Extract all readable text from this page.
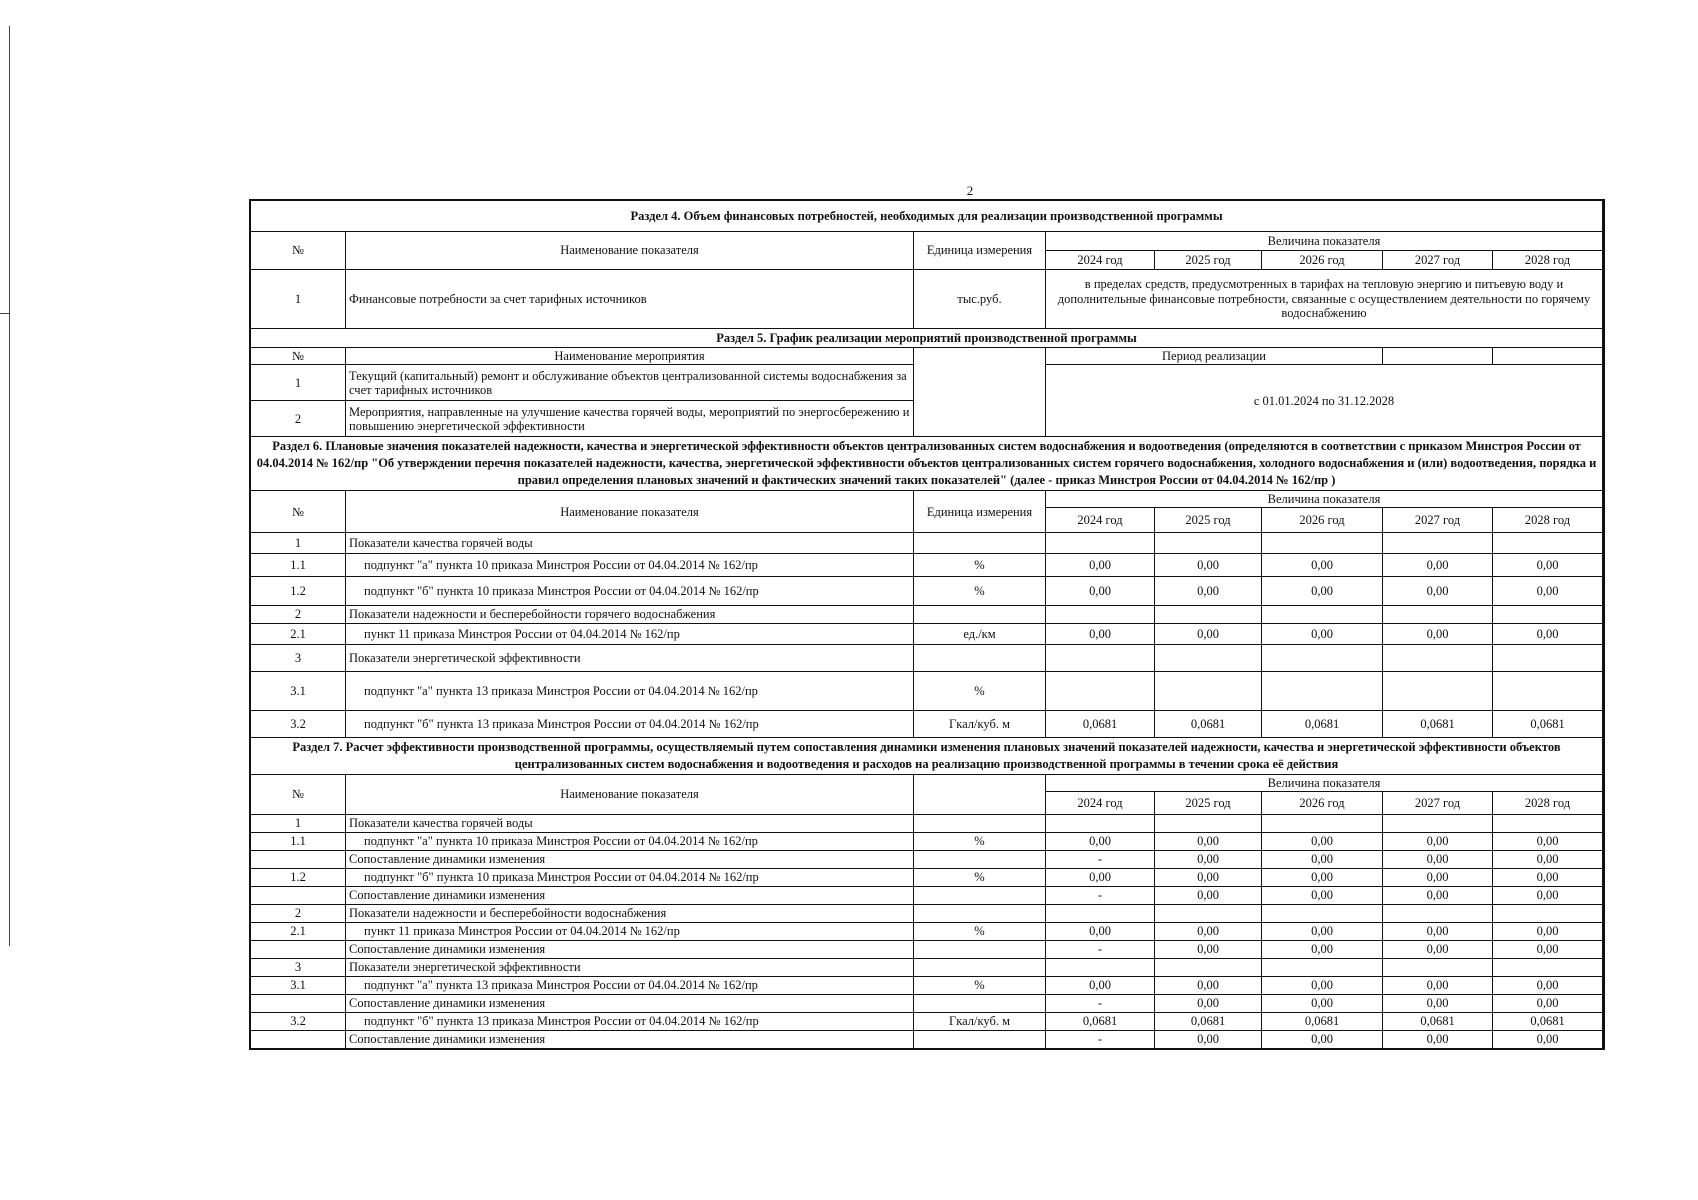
2
Раздел 4. Объем финансовых потребностей, необходимых для реализации производственной программы							
№	Наименование показателя	Единица измерения	Величина показателя				
			2024 год	2025 год	2026 год	2027 год	2028 год
1	Финансовые потребности за счет тарифных источников	тыс.руб.	в пределах средств, предусмотренных в тарифах на тепловую энергию и питьевую воду и дополнительные финансовые потребности, связанные с осуществлением деятельности по горячему водоснабжению				
Раздел 5. График реализации мероприятий производственной программы							
№	Наименование мероприятия		Период реализации				
1	Текущий (капитальный) ремонт и обслуживание объектов централизованной системы водоснабжения за счет тарифных источников		с 01.01.2024 по 31.12.2028				
2	Мероприятия, направленные на улучшение качества горячей воды, мероприятий по энергосбережению и повышению энергетической эффективности						
Раздел 6. Плановые значения показателей надежности, качества и энергетической эффективности объектов централизованных систем водоснабжения и водоотведения (определяются в соответствии с приказом Минстроя России от 04.04.2014 № 162/пр "Об утверждении перечня показателей надежности, качества, энергетической эффективности объектов централизованных систем горячего водоснабжения, холодного водоснабжения и (или) водоотведения, порядка и правил определения плановых значений и фактических значений таких показателей" (далее - приказ Минстроя России от 04.04.2014 № 162/пр )							
№	Наименование показателя	Единица измерения	Величина показателя				
			2024 год	2025 год	2026 год	2027 год	2028 год
1	Показатели качества горячей воды						
1.1	подпункт "а" пункта 10 приказа Минстроя России от 04.04.2014 № 162/пр	%	0,00	0,00	0,00	0,00	0,00
1.2	подпункт "б" пункта 10 приказа Минстроя России от 04.04.2014 № 162/пр	%	0,00	0,00	0,00	0,00	0,00
2	Показатели надежности и бесперебойности горячего водоснабжения						
2.1	пункт 11 приказа Минстроя России от 04.04.2014 № 162/пр	ед./км	0,00	0,00	0,00	0,00	0,00
3	Показатели энергетической эффективности						
3.1	подпункт "а" пункта 13 приказа Минстроя России от 04.04.2014 № 162/пр	%					
3.2	подпункт "б" пункта 13 приказа Минстроя России от 04.04.2014 № 162/пр	Гкал/куб. м	0,0681	0,0681	0,0681	0,0681	0,0681
Раздел 7. Расчет эффективности производственной программы, осуществляемый путем сопоставления динамики изменения плановых значений показателей надежности, качества и энергетической эффективности объектов централизованных систем водоснабжения и водоотведения и расходов на реализацию производственной программы в течении срока её действия							
№	Наименование показателя		Величина показателя				
			2024 год	2025 год	2026 год	2027 год	2028 год
1	Показатели качества горячей воды						
1.1	подпункт "а" пункта 10 приказа Минстроя России от 04.04.2014 № 162/пр	%	0,00	0,00	0,00	0,00	0,00
	Сопоставление динамики изменения		-	0,00	0,00	0,00	0,00
1.2	подпункт "б" пункта 10 приказа Минстроя России от 04.04.2014 № 162/пр	%	0,00	0,00	0,00	0,00	0,00
	Сопоставление динамики изменения		-	0,00	0,00	0,00	0,00
2	Показатели надежности и бесперебойности водоснабжения						
2.1	пункт 11 приказа Минстроя России от 04.04.2014 № 162/пр	%	0,00	0,00	0,00	0,00	0,00
	Сопоставление динамики изменения		-	0,00	0,00	0,00	0,00
3	Показатели энергетической эффективности						
3.1	подпункт "а" пункта 13 приказа Минстроя России от 04.04.2014 № 162/пр	%	0,00	0,00	0,00	0,00	0,00
	Сопоставление динамики изменения		-	0,00	0,00	0,00	0,00
3.2	подпункт "б" пункта 13 приказа Минстроя России от 04.04.2014 № 162/пр	Гкал/куб. м	0,0681	0,0681	0,0681	0,0681	0,0681
	Сопоставление динамики изменения		-	0,00	0,00	0,00	0,00
